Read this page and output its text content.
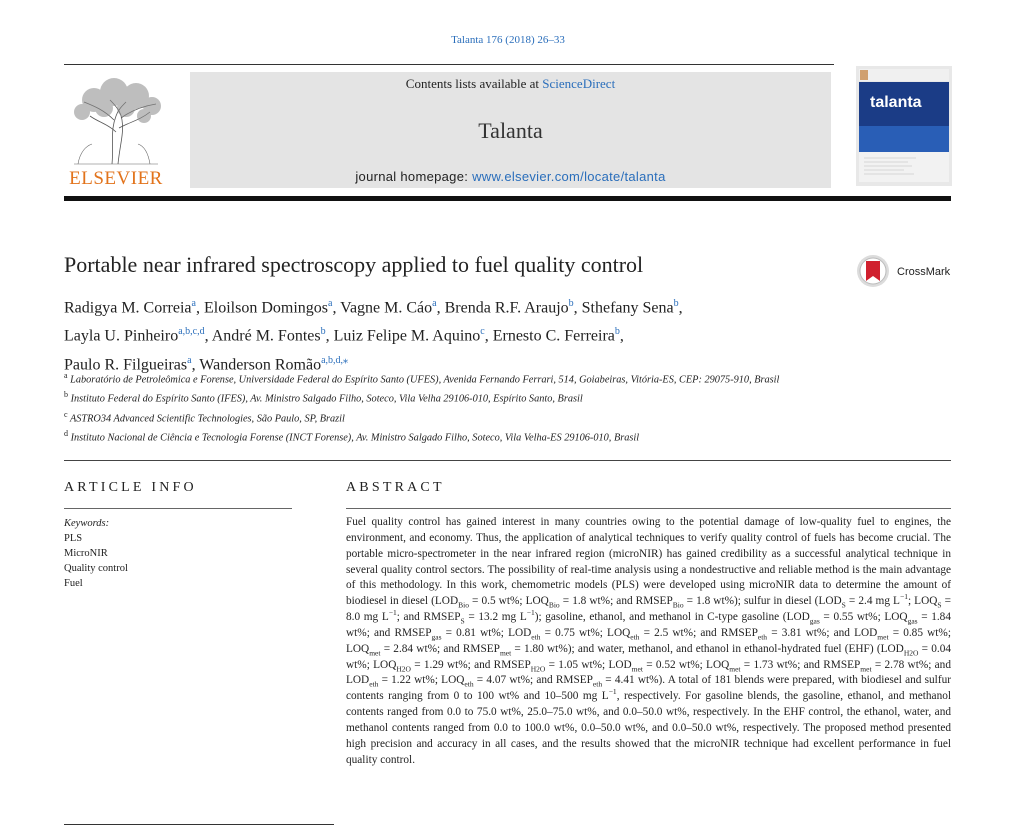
Talanta 176 (2018) 26–33
ELSEVIER
Contents lists available at ScienceDirect
Talanta
journal homepage: www.elsevier.com/locate/talanta
talanta
Portable near infrared spectroscopy applied to fuel quality control	CrossMark
Radigya M. Correia$^a$, Eloilson Domingos$^a$, Vagne M. Cáo$^a$, Brenda R.F. Araujo$^b$, Sthefany Sena$^b$,
Layla U. Pinheiro$^{a,b,c,d}$, André M. Fontes$^b$, Luiz Felipe M. Aquino$^c$, Ernesto C. Ferreira$^b$,
Paulo R. Filgueiras$^a$, Wanderson Romão$^{a,b,d,⁎}$
$^a$ Laboratório de Petroleômica e Forense, Universidade Federal do Espírito Santo (UFES), Avenida Fernando Ferrari, 514, Goiabeiras, Vitória-ES, CEP: 29075-910, Brasil
$^b$ Instituto Federal do Espírito Santo (IFES), Av. Ministro Salgado Filho, Soteco, Vila Velha 29106-010, Espírito Santo, Brasil
$^c$ ASTRO34 Advanced Scientific Technologies, São Paulo, SP, Brazil
$^d$ Instituto Nacional de Ciência e Tecnologia Forense (INCT Forense), Av. Ministro Salgado Filho, Soteco, Vila Velha-ES 29106-010, Brasil
ARTICLE INFO
Keywords:
PLS
MicroNIR
Quality control
Fuel
ABSTRACT
Fuel quality control has gained interest in many countries owing to the potential damage of low-quality fuel to engines, the environment, and economy. Thus, the application of analytical techniques to verify quality control of fuels has become crucial. The portable micro-spectrometer in the near infrared region (microNIR) has gained credibility as a successful analytical technique in several quality control sectors. The possibility of real-time analysis using a nondestructive and reliable method is the main advantage of this methodology. In this work, chemometric models (PLS) were developed using microNIR data to determine the amount of biodiesel in diesel ($LOD_{Bio} = 0.5$ wt%; $LOQ_{Bio} = 1.8$ wt%; and $RMSEP_{Bio} = 1.8$ wt%); sulfur in diesel ($LOD_S = 2.4$ mg $L^{-1}$; $LOQ_S = 8.0$ mg $L^{-1}$; and $RMSEP_S = 13.2$ mg $L^{-1}$); gasoline, ethanol, and methanol in C-type gasoline ($LOD_{gas} = 0.55$ wt%; $LOQ_{gas} = 1.84$ wt%; and $RMSEP_{gas} = 0.81$ wt%; $LOD_{eth} = 0.75$ wt%; $LOQ_{eth} = 2.5$ wt%; and $RMSEP_{eth} = 3.81$ wt%; and $LOD_{met} = 0.85$ wt%; $LOQ_{met} = 2.84$ wt%; and $RMSEP_{met} = 1.80$ wt%); and water, methanol, and ethanol in ethanol-hydrated fuel (EHF) ($LOD_{H2O} = 0.04$ wt%; $LOQ_{H2O} = 1.29$ wt%; and $RMSEP_{H2O} = 1.05$ wt%; $LOD_{met} = 0.52$ wt%; $LOQ_{met} = 1.73$ wt%; and $RMSEP_{met} = 2.78$ wt%; and $LOD_{eth} = 1.22$ wt%; $LOQ_{eth} = 4.07$ wt%; and $RMSEP_{eth} = 4.41$ wt%). A total of 181 blends were prepared, with biodiesel and sulfur contents ranging from 0 to 100 wt% and 10–500 mg $L^{-1}$, respectively. For gasoline blends, the gasoline, ethanol, and methanol contents ranged from 0.0 to 75.0 wt%, 25.0–75.0 wt%, and 0.0–50.0 wt%, respectively. In the EHF control, the ethanol, water, and methanol contents ranged from 0.0 to 100.0 wt%, 0.0–50.0 wt%, and 0.0–50.0 wt%, respectively. The proposed method presented high precision and accuracy in all cases, and the results showed that the microNIR technique had excellent performance in fuel quality control.
